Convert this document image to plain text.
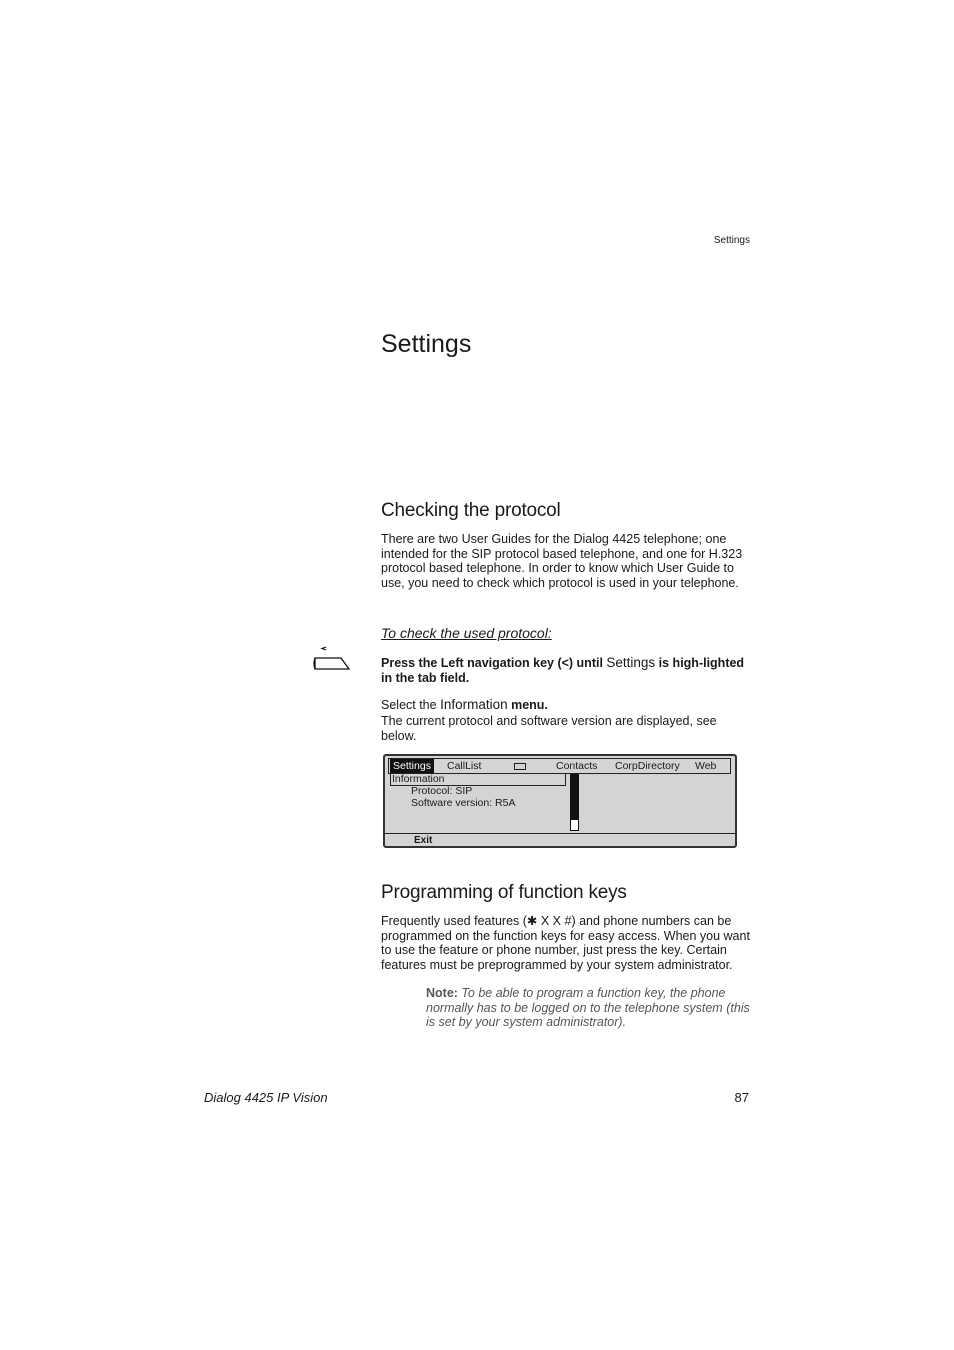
Settings
Settings
Checking the protocol
There are two User Guides for the Dialog 4425 telephone; one intended for the SIP protocol based telephone, and one for H.323 protocol based telephone. In order to know which User Guide to use, you need to check which protocol is used in your telephone.
To check the used protocol:
Press the Left navigation key (<) until Settings is high-lighted in the tab field.
Select the Information menu.
The current protocol and software version are displayed, see below.
Settings CallList	Contacts CorpDirectory Web
Information
Protocol: SIP
Software version: R5A
Exit
Programming of function keys
Frequently used features (✱ X X #) and phone numbers can be programmed on the function keys for easy access. When you want to use the feature or phone number, just press the key. Certain features must be preprogrammed by your system administrator.
Note: To be able to program a function key, the phone normally has to be logged on to the telephone system (this is set by your system administrator).
Dialog 4425 IP Vision	87
